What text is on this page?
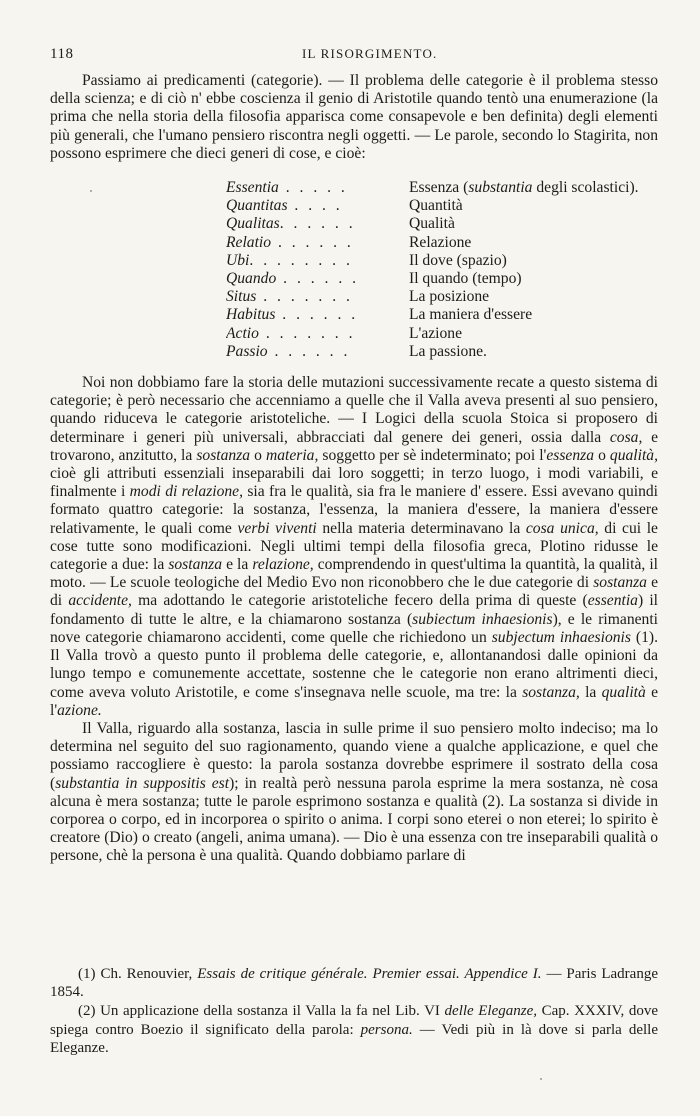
118	IL RISORGIMENTO.

Passiamo ai predicamenti (categorie). — Il problema delle categorie è il problema stesso della scienza; e di ciò n' ebbe coscienza il genio di Aristotile quando tentò una enumerazione (la prima che nella storia della filosofia apparisca come consapevole e ben definita) degli elementi più generali, che l'umano pensiero riscontra negli oggetti. — Le parole, secondo lo Stagirita, non possono esprimere che dieci generi di cose, e cioè:

Essentia . . . . .	Essenza (substantia degli scolastici).
Quantitas . . . .	Quantità
Qualitas. . . . . .	Qualità
Relatio . . . . . .	Relazione
Ubi. . . . . . . .	Il dove (spazio)
Quando . . . . . .	Il quando (tempo)
Situs . . . . . . .	La posizione
Habitus . . . . . .	La maniera d'essere
Actio . . . . . . .	L'azione
Passio . . . . . .	La passione.

Noi non dobbiamo fare la storia delle mutazioni successivamente recate a questo sistema di categorie; è però necessario che accenniamo a quelle che il Valla aveva presenti al suo pensiero, quando riduceva le categorie aristoteliche. — I Logici della scuola Stoica si proposero di determinare i generi più universali, abbracciati dal genere dei generi, ossia dalla cosa, e trovarono, anzitutto, la sostanza o materia, soggetto per sè indeterminato; poi l'essenza o qualità, cioè gli attributi essenziali inseparabili dai loro soggetti; in terzo luogo, i modi variabili, e finalmente i modi di relazione, sia fra le qualità, sia fra le maniere d' essere. Essi avevano quindi formato quattro categorie: la sostanza, l'essenza, la maniera d'essere, la maniera d'essere relativamente, le quali come verbi viventi nella materia determinavano la cosa unica, di cui le cose tutte sono modificazioni. Negli ultimi tempi della filosofia greca, Plotino ridusse le categorie a due: la sostanza e la relazione, comprendendo in quest'ultima la quantità, la qualità, il moto. — Le scuole teologiche del Medio Evo non riconobbero che le due categorie di sostanza e di accidente, ma adottando le categorie aristoteliche fecero della prima di queste (essentia) il fondamento di tutte le altre, e la chiamarono sostanza (subiectum inhaesionis), e le rimanenti nove categorie chiamarono accidenti, come quelle che richiedono un subjectum inhaesionis (1). Il Valla trovò a questo punto il problema delle categorie, e, allontanandosi dalle opinioni da lungo tempo e comunemente accettate, sostenne che le categorie non erano altrimenti dieci, come aveva voluto Aristotile, e come s'insegnava nelle scuole, ma tre: la sostanza, la qualità e l'azione.

Il Valla, riguardo alla sostanza, lascia in sulle prime il suo pensiero molto indeciso; ma lo determina nel seguito del suo ragionamento, quando viene a qualche applicazione, e quel che possiamo raccogliere è questo: la parola sostanza dovrebbe esprimere il sostrato della cosa (substantia in suppositis est); in realtà però nessuna parola esprime la mera sostanza, nè cosa alcuna è mera sostanza; tutte le parole esprimono sostanza e qualità (2). La sostanza si divide in corporea o corpo, ed in incorporea o spirito o anima. I corpi sono eterei o non eterei; lo spirito è creatore (Dio) o creato (angeli, anima umana). — Dio è una essenza con tre inseparabili qualità o persone, chè la persona è una qualità. Quando dobbiamo parlare di

(1) Ch. Renouvier, Essais de critique générale. Premier essai. Appendice I. — Paris Ladrange 1854.

(2) Un applicazione della sostanza il Valla la fa nel Lib. VI delle Eleganze, Cap. XXXIV, dove spiega contro Boezio il significato della parola: persona. — Vedi più in là dove si parla delle Eleganze.
